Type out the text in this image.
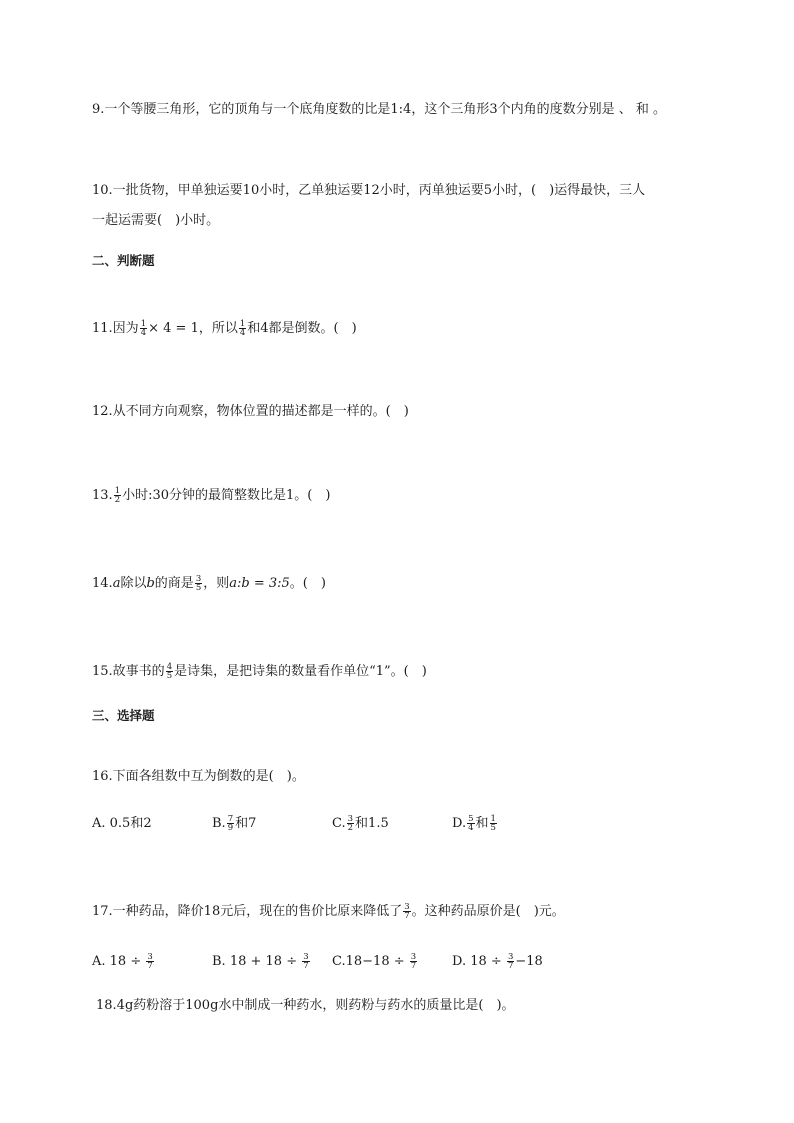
9.一个等腰三角形，它的顶角与一个底角度数的比是1:4，这个三角形3个内角的度数分别是 、 和 。
10.一批货物，甲单独运要10小时，乙单独运要12小时，丙单独运要5小时，(　)运得最快，三人
一起运需要(　)小时。
二、判断题
11.因为 $\frac{1}{4} \times 4 = 1$，所以 $\frac{1}{4}$ 和4都是倒数。(　)
12.从不同方向观察，物体位置的描述都是一样的。(　)
13. $\frac{1}{2}$ 小时:30分钟的最简整数比是1。(　)
14.a除以b的商是 $\frac{3}{5}$ ，则a:b = 3:5。(　)
15.故事书的 $\frac{4}{5}$ 是诗集，是把诗集的数量看作单位“1”。(　)
三、选择题
16.下面各组数中互为倒数的是(　)。
A. 0.5和2	B. $\frac{7}{9}$ 和7	C. $\frac{3}{2}$ 和1.5	D. $\frac{5}{4}$ 和 $\frac{1}{5}$
17.一种药品，降价18元后，现在的售价比原来降低了 $\frac{3}{7}$ 。这种药品原价是(　)元。
A. $18 \div \frac{3}{7}$	B. $18 + 18 \div \frac{3}{7} C.18-18 \div \frac{3}{7}$	D. $18 \div \frac{3}{7} -18$
18.4g药粉溶于100g水中制成一种药水，则药粉与药水的质量比是(　)。
